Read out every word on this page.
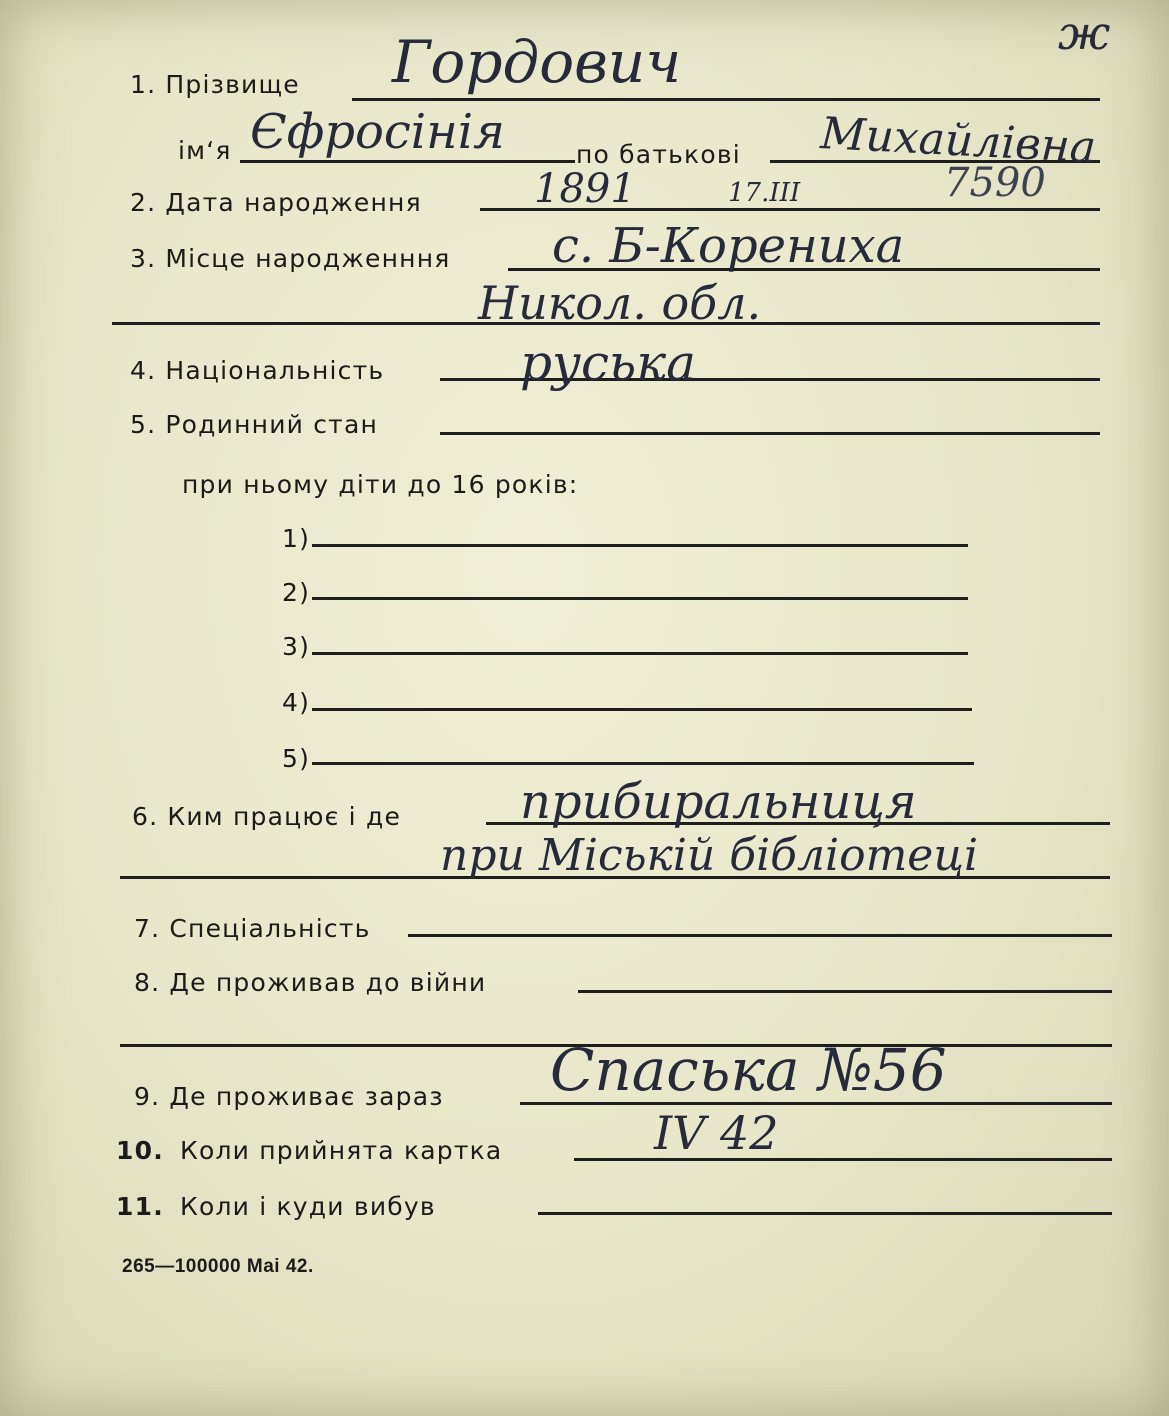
ж
1. Прізвище Гордович
ім‘я Єфросінія	по батькові Михайлівна
2. Дата народження	1891	17.III	7590
3. Місце народженння с. Б-Корениха
Никол. обл.
4. Національність	руська
5. Родинний стан
при ньому діти до 16 років:
1)
2)
3)
4)
5)
6. Ким працює і де прибиральниця
при Міській бібліотеці
7. Спеціальність
8. Де проживав до війни
9. Де проживає зараз Спаська №56
10. Коли прийнята картка	IV 42
11. Коли і куди вибув
265—100000 Mai 42.
